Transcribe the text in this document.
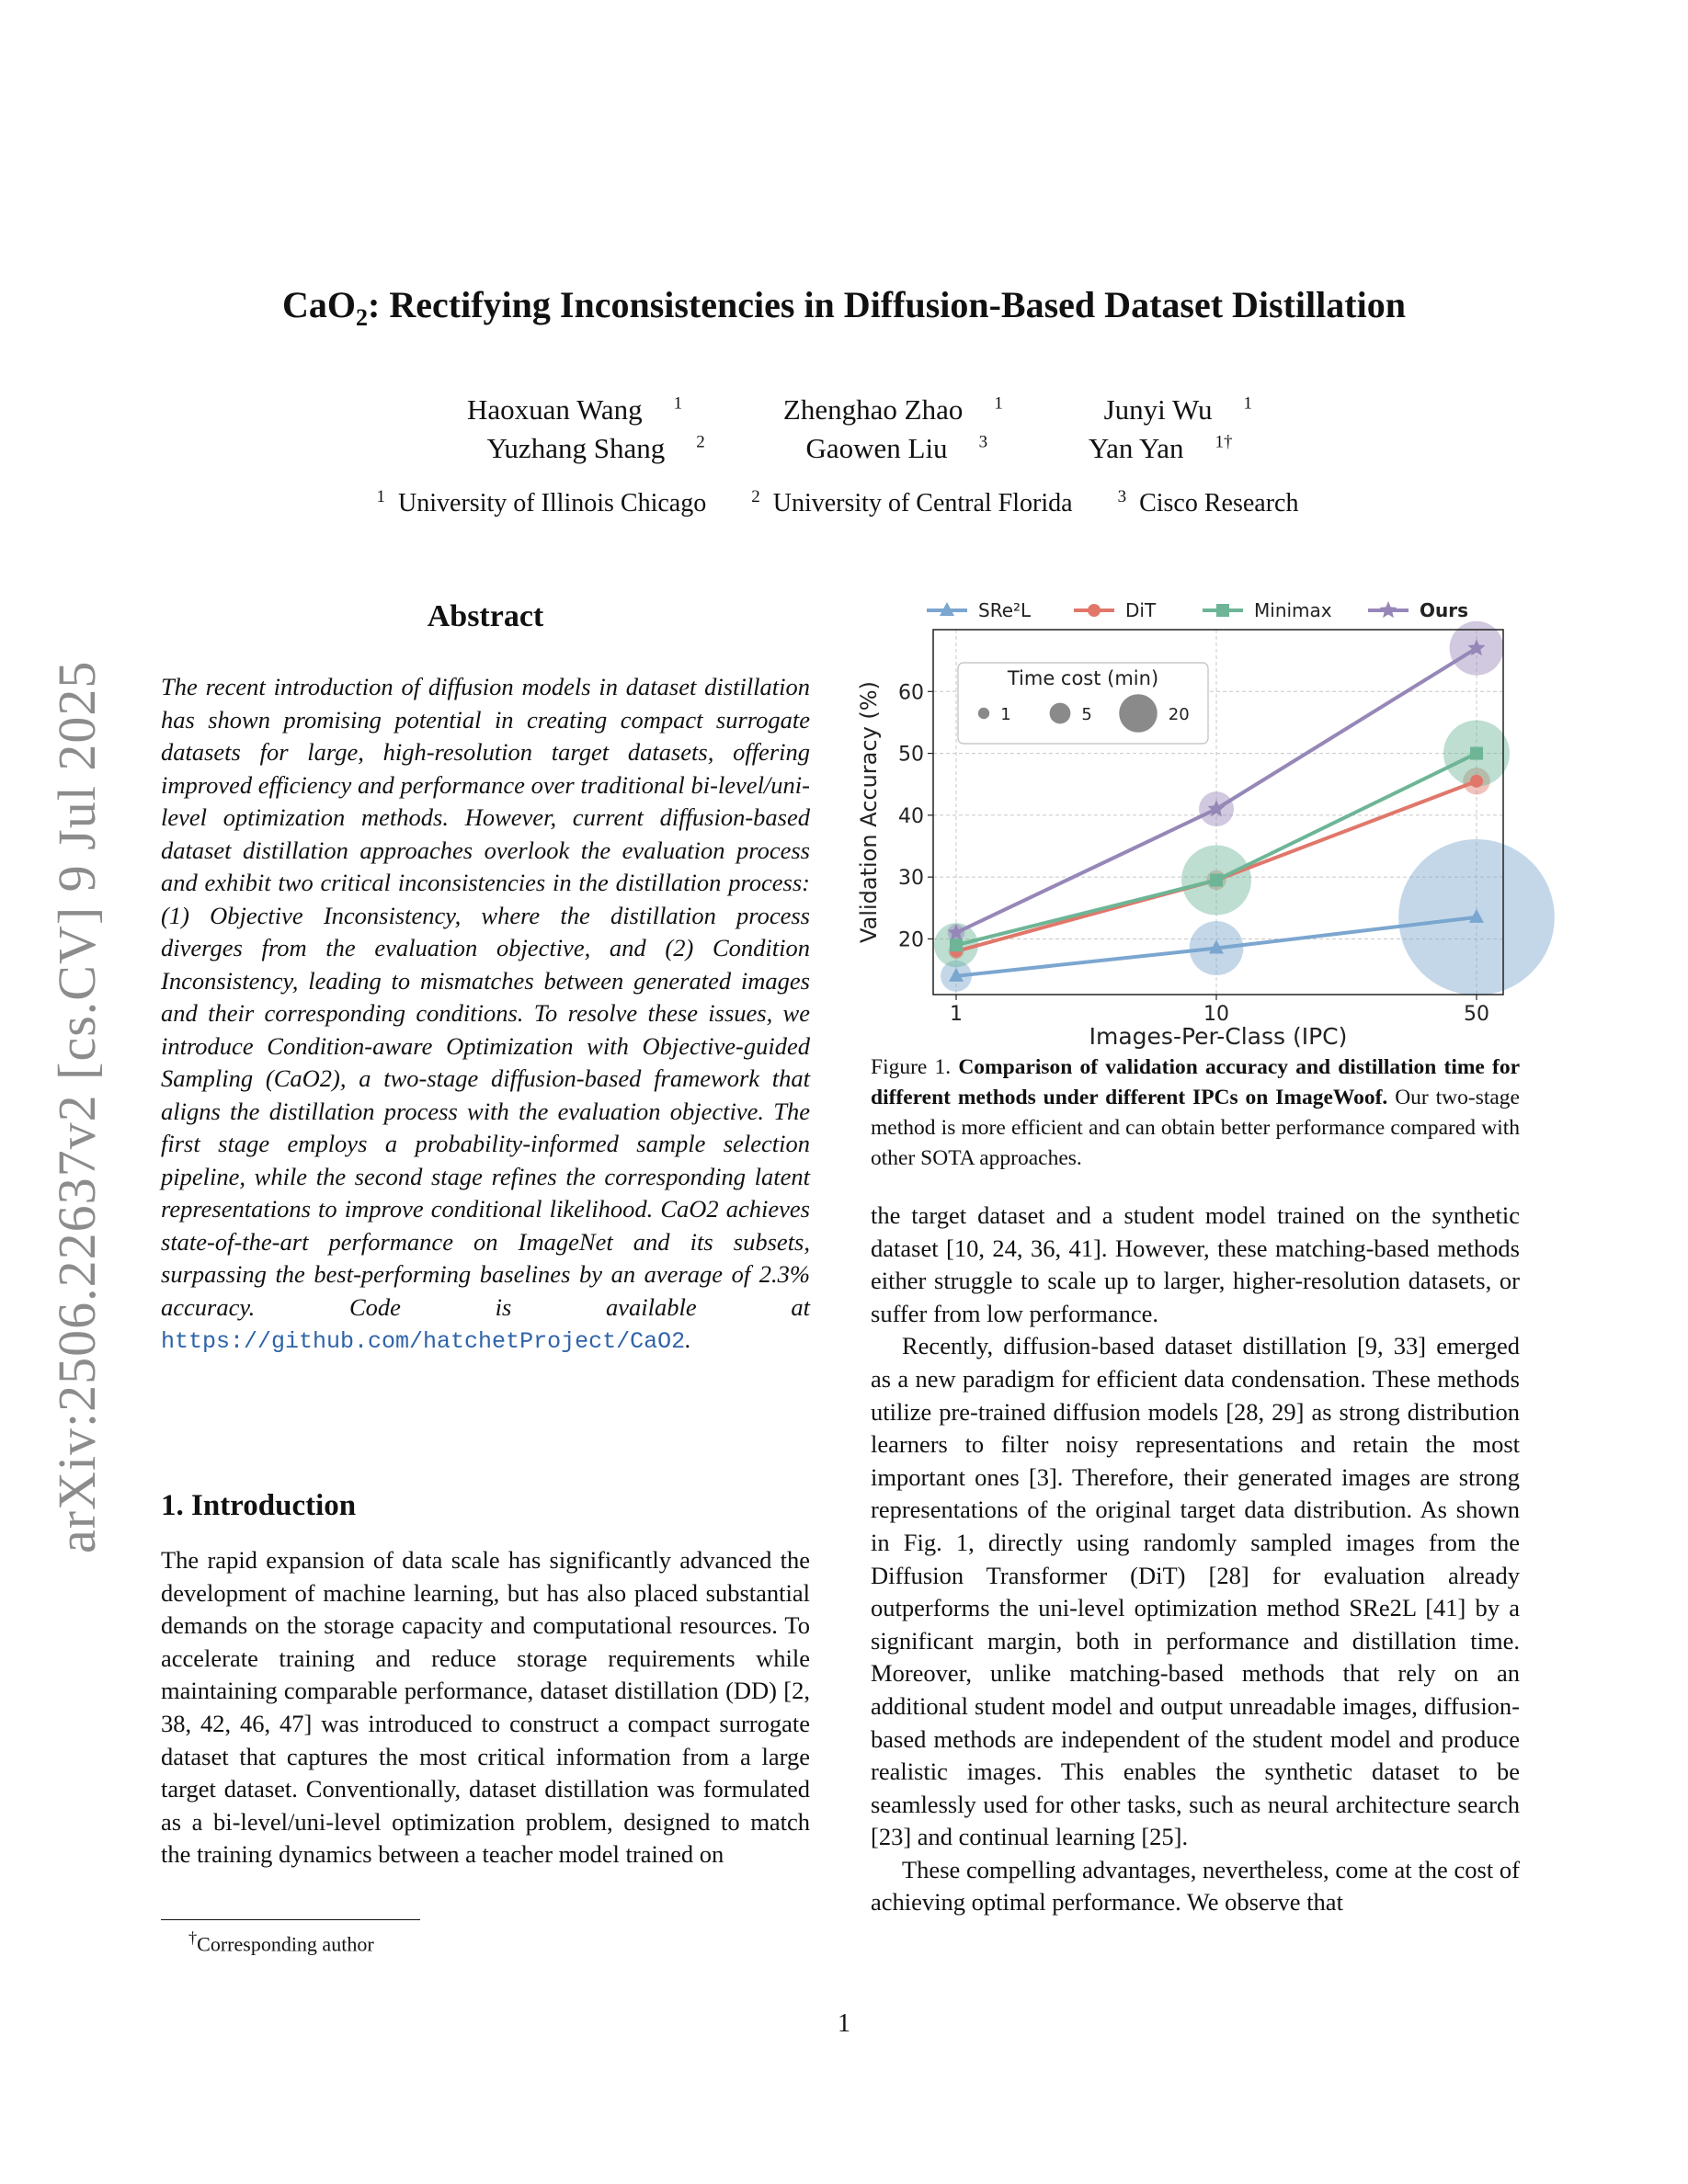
arXiv:2506.22637v2 [cs.CV] 9 Jul 2025
CaO$_2$: Rectifying Inconsistencies in Diffusion-Based Dataset Distillation
Haoxuan Wang $^1$	Zhenghao Zhao $^1$	Junyi Wu $^1$
Yuzhang Shang $^2$	Gaowen Liu $^3$	Yan Yan $^{1\dagger}$
$^1$ University of Illinois Chicago	$^2$ University of Central Florida	$^3$ Cisco Research
Abstract
The recent introduction of diffusion models in dataset distillation has shown promising potential in creating compact surrogate datasets for large, high-resolution target datasets, offering improved efficiency and performance over traditional bi-level/uni-level optimization methods. However, current diffusion-based dataset distillation approaches overlook the evaluation process and exhibit two critical inconsistencies in the distillation process: (1) Objective Inconsistency, where the distillation process diverges from the evaluation objective, and (2) Condition Inconsistency, leading to mismatches between generated images and their corresponding conditions. To resolve these issues, we introduce Condition-aware Optimization with Objective-guided Sampling (CaO2), a two-stage diffusion-based framework that aligns the distillation process with the evaluation objective. The first stage employs a probability-informed sample selection pipeline, while the second stage refines the corresponding latent representations to improve conditional likelihood. CaO2 achieves state-of-the-art performance on ImageNet and its subsets, surpassing the best-performing baselines by an average of 2.3% accuracy. Code is available at https://github.com/hatchetProject/CaO2.
1. Introduction

The rapid expansion of data scale has significantly advanced the development of machine learning, but has also placed substantial demands on the storage capacity and computational resources. To accelerate training and reduce storage requirements while maintaining comparable performance, dataset distillation (DD) [2, 38, 42, 46, 47] was introduced to construct a compact surrogate dataset that captures the most critical information from a large target dataset. Conventionally, dataset distillation was formulated as a bi-level/uni-level optimization problem, designed to match the training dynamics between a teacher model trained on

†Corresponding author
20
30
40
50
60
1	10	50
Images-Per-Class (IPC)
Validation Accuracy (%)
SRe²L	DiT	Minimax	Ours
Time cost (min)
1	5	20
Figure 1. Comparison of validation accuracy and distillation time for different methods under different IPCs on ImageWoof. Our two-stage method is more efficient and can obtain better performance compared with other SOTA approaches.

the target dataset and a student model trained on the synthetic dataset [10, 24, 36, 41]. However, these matching-based methods either struggle to scale up to larger, higher-resolution datasets, or suffer from low performance.

Recently, diffusion-based dataset distillation [9, 33] emerged as a new paradigm for efficient data condensation. These methods utilize pre-trained diffusion models [28, 29] as strong distribution learners to filter noisy representations and retain the most important ones [3]. Therefore, their generated images are strong representations of the original target data distribution. As shown in Fig. 1, directly using randomly sampled images from the Diffusion Transformer (DiT) [28] for evaluation already outperforms the uni-level optimization method SRe2L [41] by a significant margin, both in performance and distillation time. Moreover, unlike matching-based methods that rely on an additional student model and output unreadable images, diffusion-based methods are independent of the student model and produce realistic images. This enables the synthetic dataset to be seamlessly used for other tasks, such as neural architecture search [23] and continual learning [25].

These compelling advantages, nevertheless, come at the cost of achieving optimal performance. We observe that

1
